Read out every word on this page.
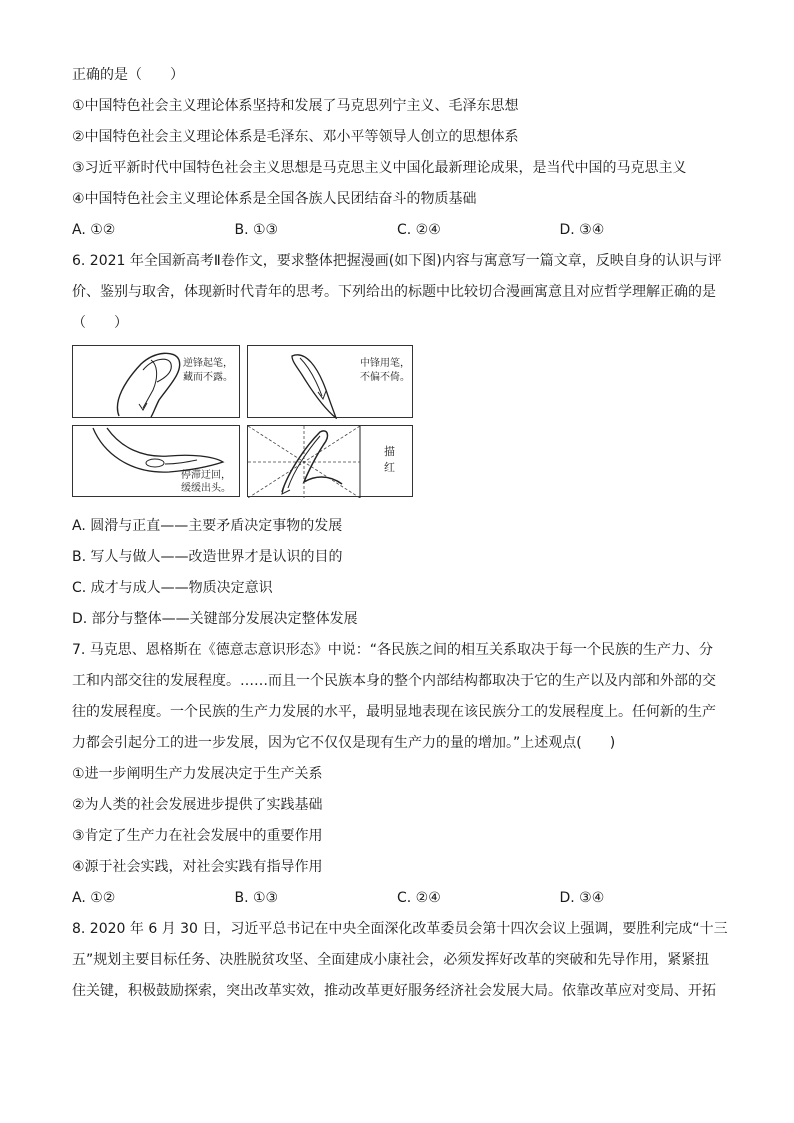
正确的是（　　）
①中国特色社会主义理论体系坚持和发展了马克思列宁主义、毛泽东思想
②中国特色社会主义理论体系是毛泽东、邓小平等领导人创立的思想体系
③习近平新时代中国特色社会主义思想是马克思主义中国化最新理论成果，是当代中国的马克思主义
④中国特色社会主义理论体系是全国各族人民团结奋斗的物质基础
A. ①②	B. ①③	C. ②④	D. ③④
6. 2021 年全国新高考Ⅱ卷作文，要求整体把握漫画(如下图)内容与寓意写一篇文章，反映自身的认识与评
价、鉴别与取舍，体现新时代青年的思考。下列给出的标题中比较切合漫画寓意且对应哲学理解正确的是
（　　）
逆锋起笔，
藏而不露。
中锋用笔，
不偏不倚。
停滞迂回，
缓缓出头。
描红
A. 圆滑与正直——主要矛盾决定事物的发展
B. 写人与做人——改造世界才是认识的目的
C. 成才与成人——物质决定意识
D. 部分与整体——关键部分发展决定整体发展
7. 马克思、恩格斯在《德意志意识形态》中说：“各民族之间的相互关系取决于每一个民族的生产力、分
工和内部交往的发展程度。……而且一个民族本身的整个内部结构都取决于它的生产以及内部和外部的交
往的发展程度。一个民族的生产力发展的水平，最明显地表现在该民族分工的发展程度上。任何新的生产
力都会引起分工的进一步发展，因为它不仅仅是现有生产力的量的增加。”上述观点(　　)
①进一步阐明生产力发展决定于生产关系
②为人类的社会发展进步提供了实践基础
③肯定了生产力在社会发展中的重要作用
④源于社会实践，对社会实践有指导作用
A. ①②	B. ①③	C. ②④	D. ③④
8. 2020 年 6 月 30 日，习近平总书记在中央全面深化改革委员会第十四次会议上强调，要胜利完成“十三
五”规划主要目标任务、决胜脱贫攻坚、全面建成小康社会，必须发挥好改革的突破和先导作用，紧紧扭
住关键，积极鼓励探索，突出改革实效，推动改革更好服务经济社会发展大局。依靠改革应对变局、开拓
